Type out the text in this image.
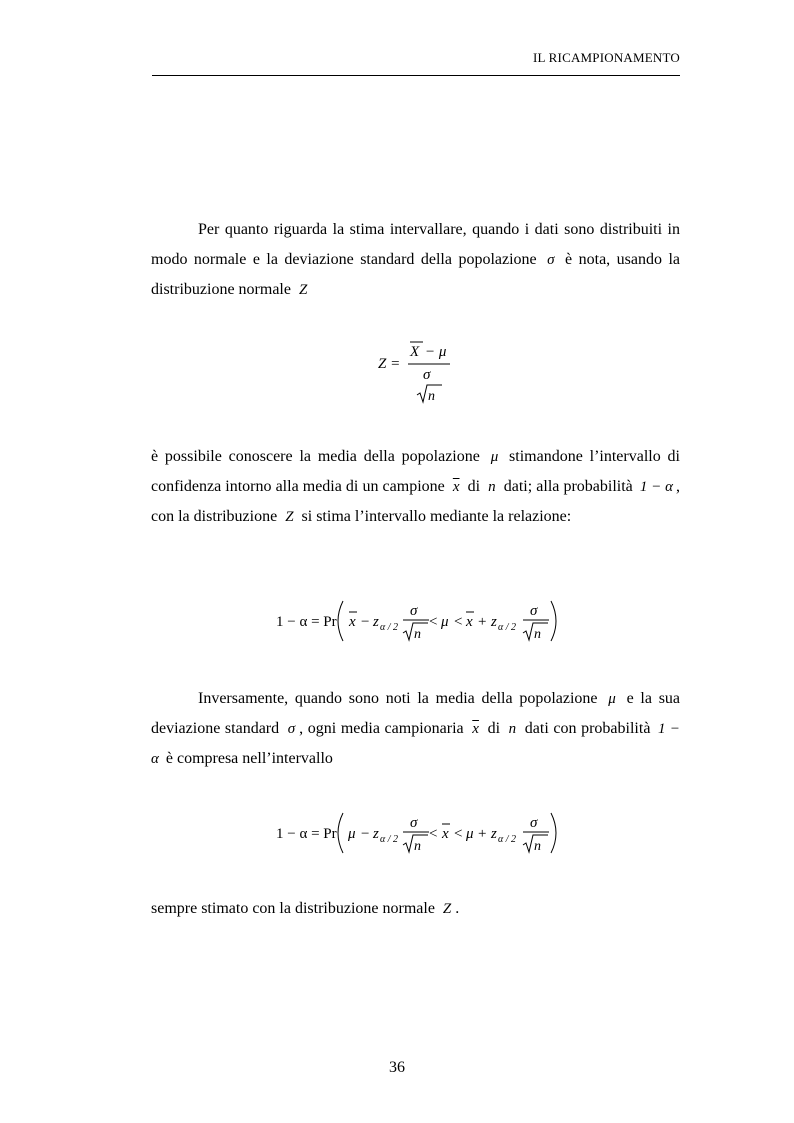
IL RICAMPIONAMENTO
Per quanto riguarda la stima intervallare, quando i dati sono distribuiti in modo normale e la deviazione standard della popolazione σ è nota, usando la distribuzione normale Z
Z =
X − μ
σ
n
è possibile conoscere la media della popolazione μ stimandone l’intervallo di confidenza intorno alla media di un campione $\overline{x}$ di n dati; alla probabilità 1 − α , con la distribuzione Z si stima l’intervallo mediante la relazione:
1 − α = Pr x − z α / 2
σ
n
< μ < x + z α / 2
σ
n
Inversamente, quando sono noti la media della popolazione μ e la sua deviazione standard σ , ogni media campionaria $\overline{x}$ di n dati con probabilità 1 − α è compresa nell’intervallo
1 − α = Pr μ − z α / 2
σ
n
< x < μ + z α / 2
σ
n
sempre stimato con la distribuzione normale Z .
36
